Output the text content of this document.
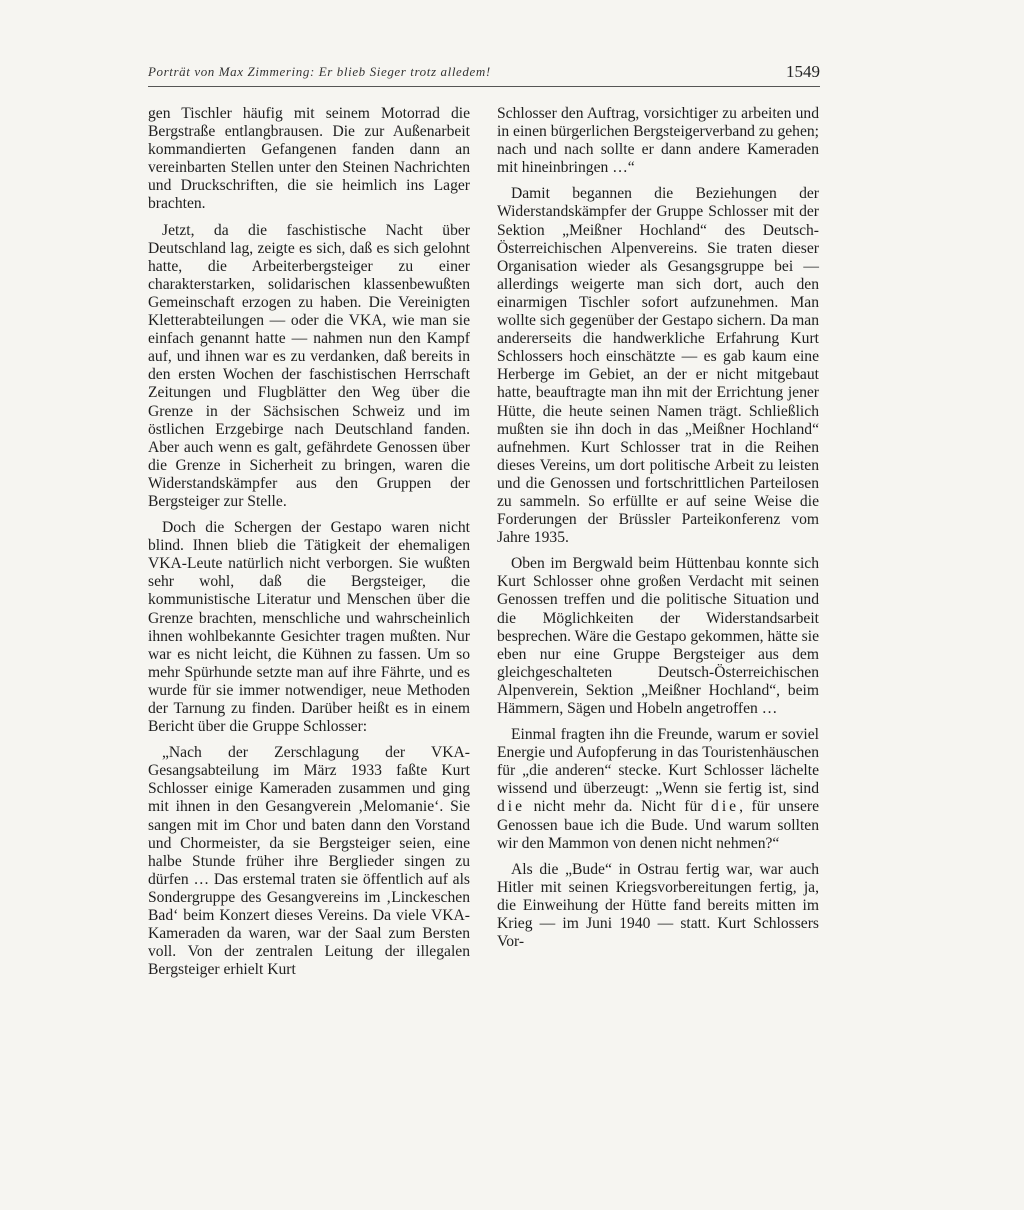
Porträt von Max Zimmering: Er blieb Sieger trotz alledem!	1549

gen Tischler häufig mit seinem Motorrad die Bergstraße entlangbrausen. Die zur Außenarbeit kommandierten Gefangenen fanden dann an vereinbarten Stellen unter den Steinen Nachrichten und Druckschriften, die sie heimlich ins Lager brachten.

Jetzt, da die faschistische Nacht über Deutschland lag, zeigte es sich, daß es sich gelohnt hatte, die Arbeiterbergsteiger zu einer charakterstarken, solidarischen klassenbewußten Gemeinschaft erzogen zu haben. Die Vereinigten Kletterabteilungen — oder die VKA, wie man sie einfach genannt hatte — nahmen nun den Kampf auf, und ihnen war es zu verdanken, daß bereits in den ersten Wochen der faschistischen Herrschaft Zeitungen und Flugblätter den Weg über die Grenze in der Sächsischen Schweiz und im östlichen Erzgebirge nach Deutschland fanden. Aber auch wenn es galt, gefährdete Genossen über die Grenze in Sicherheit zu bringen, waren die Widerstandskämpfer aus den Gruppen der Bergsteiger zur Stelle.

Doch die Schergen der Gestapo waren nicht blind. Ihnen blieb die Tätigkeit der ehemaligen VKA-Leute natürlich nicht verborgen. Sie wußten sehr wohl, daß die Bergsteiger, die kommunistische Literatur und Menschen über die Grenze brachten, menschliche und wahrscheinlich ihnen wohlbekannte Gesichter tragen mußten. Nur war es nicht leicht, die Kühnen zu fassen. Um so mehr Spürhunde setzte man auf ihre Fährte, und es wurde für sie immer notwendiger, neue Methoden der Tarnung zu finden. Darüber heißt es in einem Bericht über die Gruppe Schlosser:

„Nach der Zerschlagung der VKA-Gesangsabteilung im März 1933 faßte Kurt Schlosser einige Kameraden zusammen und ging mit ihnen in den Gesangverein ‚Melomanie‘. Sie sangen mit im Chor und baten dann den Vorstand und Chormeister, da sie Bergsteiger seien, eine halbe Stunde früher ihre Berglieder singen zu dürfen … Das erstemal traten sie öffentlich auf als Sondergruppe des Gesangvereins im ‚Linckeschen Bad‘ beim Konzert dieses Vereins. Da viele VKA-Kameraden da waren, war der Saal zum Bersten voll. Von der zentralen Leitung der illegalen Bergsteiger erhielt Kurt

Schlosser den Auftrag, vorsichtiger zu arbeiten und in einen bürgerlichen Bergsteigerverband zu gehen; nach und nach sollte er dann andere Kameraden mit hineinbringen …“

Damit begannen die Beziehungen der Widerstandskämpfer der Gruppe Schlosser mit der Sektion „Meißner Hochland“ des Deutsch-Österreichischen Alpenvereins. Sie traten dieser Organisation wieder als Gesangsgruppe bei — allerdings weigerte man sich dort, auch den einarmigen Tischler sofort aufzunehmen. Man wollte sich gegenüber der Gestapo sichern. Da man andererseits die handwerkliche Erfahrung Kurt Schlossers hoch einschätzte — es gab kaum eine Herberge im Gebiet, an der er nicht mitgebaut hatte, beauftragte man ihn mit der Errichtung jener Hütte, die heute seinen Namen trägt. Schließlich mußten sie ihn doch in das „Meißner Hochland“ aufnehmen. Kurt Schlosser trat in die Reihen dieses Vereins, um dort politische Arbeit zu leisten und die Genossen und fortschrittlichen Parteilosen zu sammeln. So erfüllte er auf seine Weise die Forderungen der Brüssler Parteikonferenz vom Jahre 1935.

Oben im Bergwald beim Hüttenbau konnte sich Kurt Schlosser ohne großen Verdacht mit seinen Genossen treffen und die politische Situation und die Möglichkeiten der Widerstandsarbeit besprechen. Wäre die Gestapo gekommen, hätte sie eben nur eine Gruppe Bergsteiger aus dem gleichgeschalteten Deutsch-Österreichischen Alpenverein, Sektion „Meißner Hochland“, beim Hämmern, Sägen und Hobeln angetroffen …

Einmal fragten ihn die Freunde, warum er soviel Energie und Aufopferung in das Touristenhäuschen für „die anderen“ stecke. Kurt Schlosser lächelte wissend und überzeugt: „Wenn sie fertig ist, sind die nicht mehr da. Nicht für die, für unsere Genossen baue ich die Bude. Und warum sollten wir den Mammon von denen nicht nehmen?“

Als die „Bude“ in Ostrau fertig war, war auch Hitler mit seinen Kriegsvorbereitungen fertig, ja, die Einweihung der Hütte fand bereits mitten im Krieg — im Juni 1940 — statt. Kurt Schlossers Vor-
